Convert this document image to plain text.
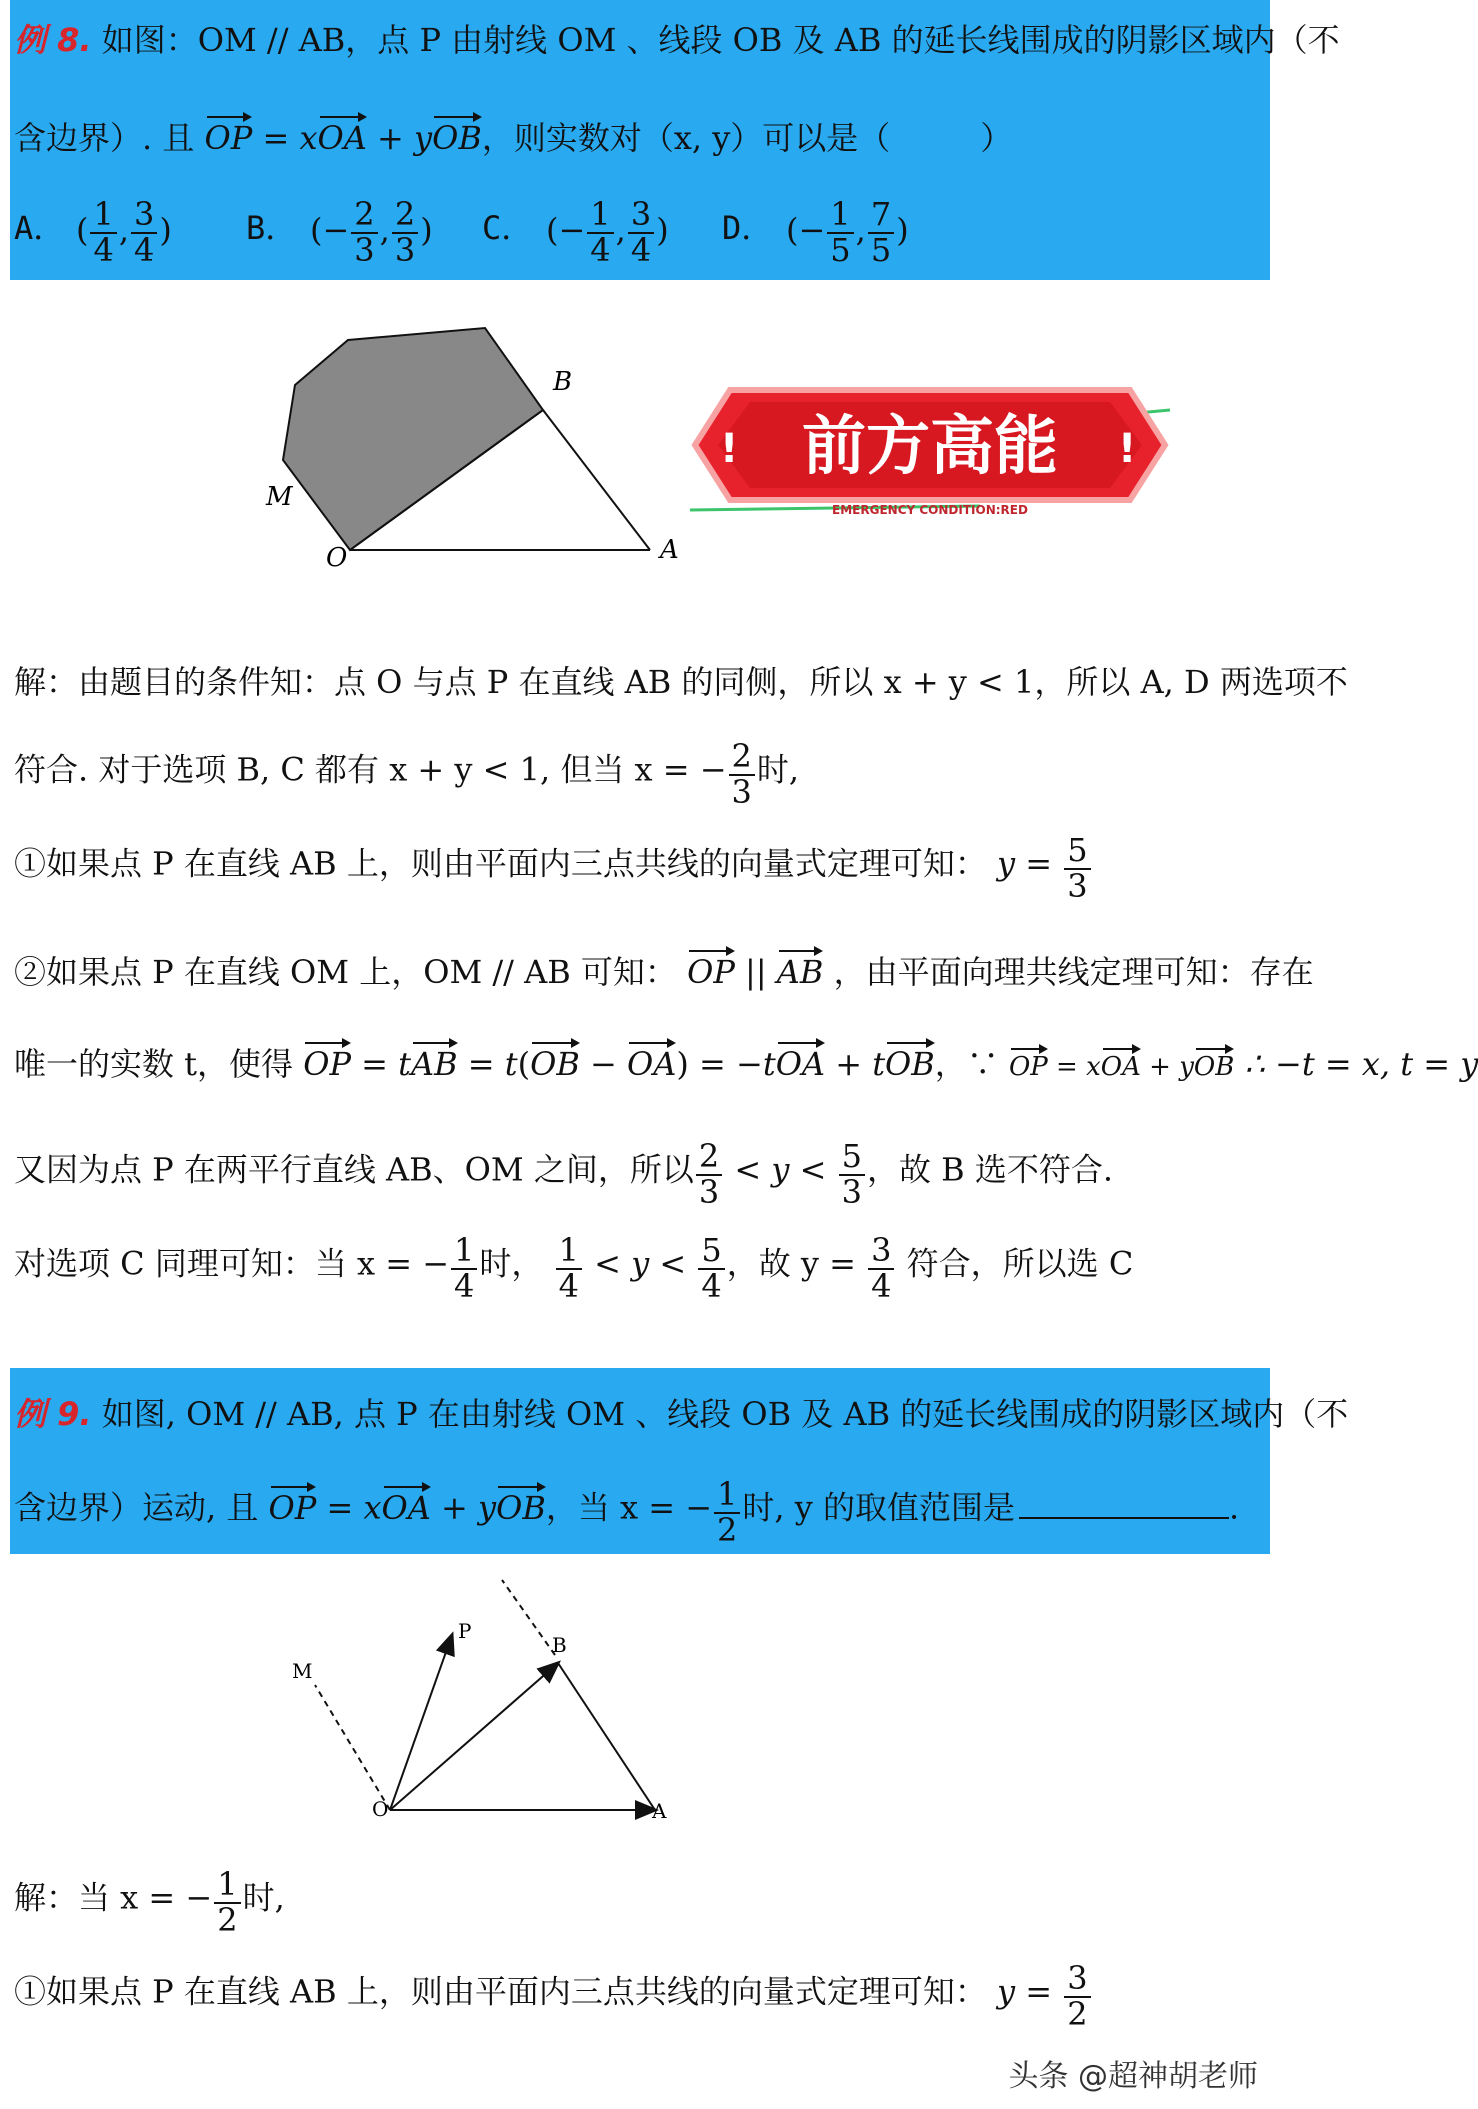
例 8. 如图：OM // AB，点 P 由射线 OM 、线段 OB 及 AB 的延长线围成的阴影区域内（不
含边界）. 且 OP = xOA + yOB，则实数对（x, y）可以是（	）
A． ( $\frac{1}{4}$ , $\frac{3}{4}$ ) B． (− $\frac{2}{3}$ , $\frac{2}{3}$ ) C． (− $\frac{1}{4}$ , $\frac{3}{4}$ ) D． (− $\frac{1}{5}$ , $\frac{7}{5}$ )
B
M
O	A
!	!
前方高能
EMERGENCY CONDITION:RED
解：由题目的条件知：点 O 与点 P 在直线 AB 的同侧，所以 x + y < 1，所以 A, D 两选项不
符合. 对于选项 B, C 都有 x + y < 1, 但当 x = − $\frac{2}{3}$ 时,
①如果点 P 在直线 AB 上，则由平面内三点共线的向量式定理可知： $y = \frac{5}{3}$
②如果点 P 在直线 OM 上，OM // AB 可知： OP || AB ，由平面向理共线定理可知：存在
唯一的实数 t，使得 OP = tAB = t(OB − OA) = −tOA + tOB，∵ OP = xOA + yOB ∴ −t = x, t = y
又因为点 P 在两平行直线 AB、OM 之间，所以 $\frac{2}{3} < y < \frac{5}{3}$ ，故 B 选不符合.
对选项 C 同理可知：当 x = − $\frac{1}{4}$ 时， $\frac{1}{4} < y < \frac{5}{4}$ ，故 $y = \frac{3}{4}$ 符合，所以选 C
例 9. 如图, OM // AB, 点 P 在由射线 OM 、线段 OB 及 AB 的延长线围成的阴影区域内（不
含边界）运动, 且 OP = xOA + yOB，当 x = − $\frac{1}{2}$ 时, y 的取值范围是	.
M
P
B
O	A
解：当 x = − $\frac{1}{2}$ 时,
①如果点 P 在直线 AB 上，则由平面内三点共线的向量式定理可知： $y = \frac{3}{2}$
头条 @超神胡老师
